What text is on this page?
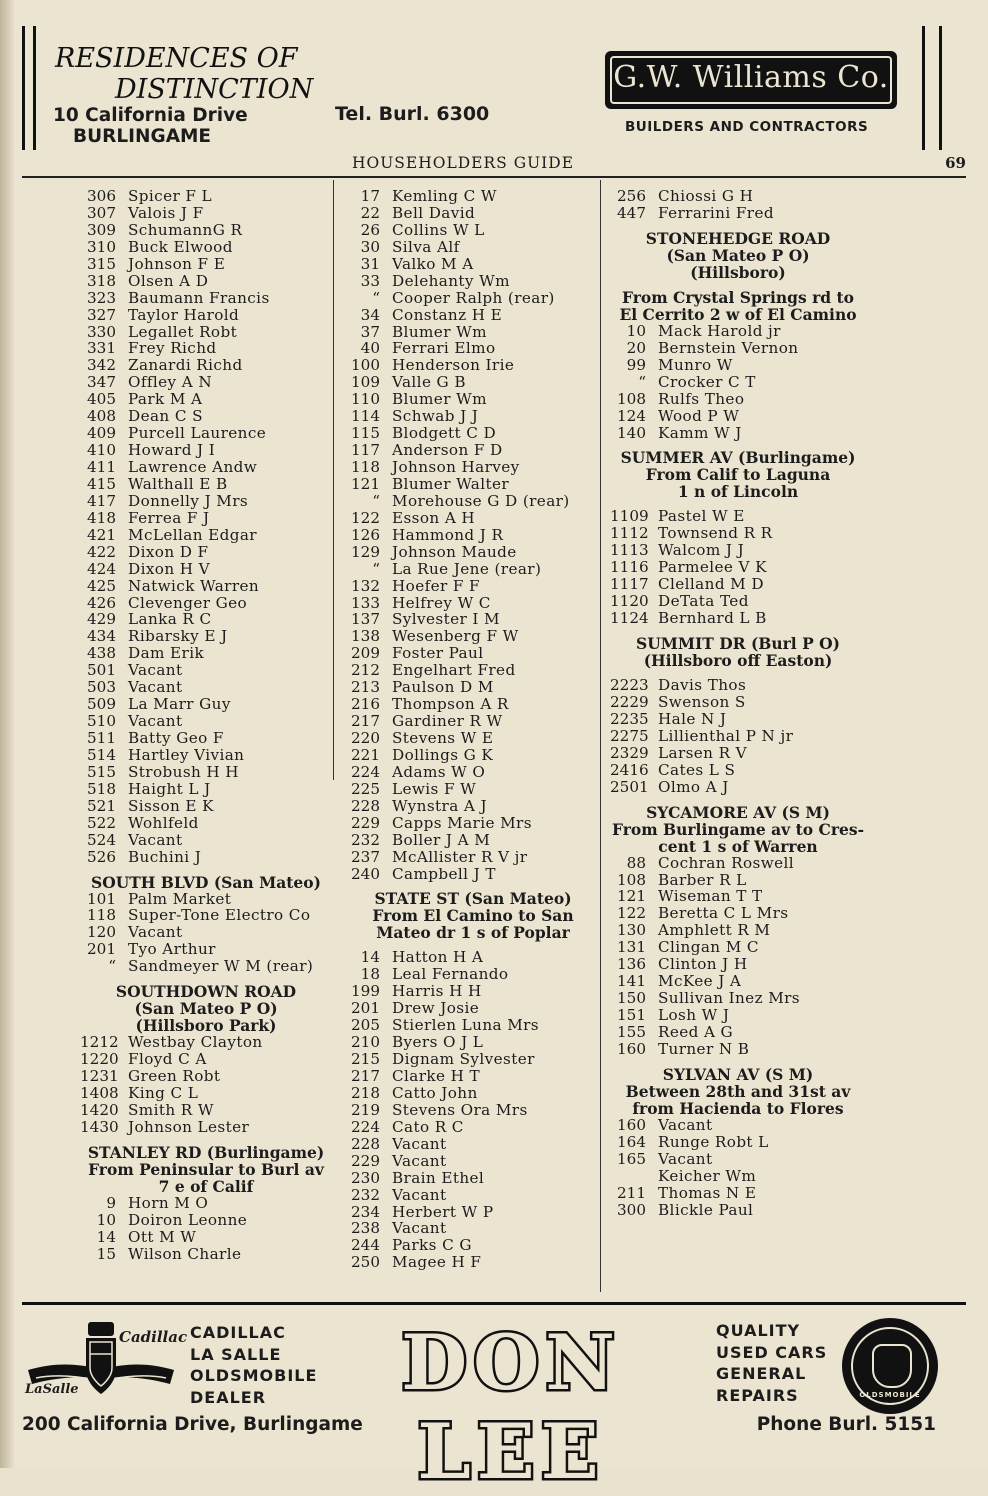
RESIDENCES OF
DISTINCTION
10 California Drive
BURLINGAME
Tel. Burl. 6300
G.W. Williams Co.
BUILDERS AND CONTRACTORS
HOUSEHOLDERS GUIDE	69
306 Spicer F L
307 Valois J F
309 SchumannG R
310 Buck Elwood
315 Johnson F E
318 Olsen A D
323 Baumann Francis
327 Taylor Harold
330 Legallet Robt
331 Frey Richd
342 Zanardi Richd
347 Offley A N
405 Park M A
408 Dean C S
409 Purcell Laurence
410 Howard J I
411 Lawrence Andw
415 Walthall E B
417 Donnelly J Mrs
418 Ferrea F J
421 McLellan Edgar
422 Dixon D F
424 Dixon H V
425 Natwick Warren
426 Clevenger Geo
429 Lanka R C
434 Ribarsky E J
438 Dam Erik
501 Vacant
503 Vacant
509 La Marr Guy
510 Vacant
511 Batty Geo F
514 Hartley Vivian
515 Strobush H H
518 Haight L J
521 Sisson E K
522 Wohlfeld
524 Vacant
526 Buchini J
SOUTH BLVD (San Mateo)
101 Palm Market
118 Super-Tone Electro Co
120 Vacant
201 Tyo Arthur
“ Sandmeyer W M (rear)
SOUTHDOWN ROAD
(San Mateo P O)
(Hillsboro Park)
1212 Westbay Clayton
1220 Floyd C A
1231 Green Robt
1408 King C L
1420 Smith R W
1430 Johnson Lester
STANLEY RD (Burlingame)
From Peninsular to Burl av
7 e of Calif
9 Horn M O
10 Doiron Leonne
14 Ott M W
15 Wilson Charle
17 Kemling C W
22 Bell David
26 Collins W L
30 Silva Alf
31 Valko M A
33 Delehanty Wm
“ Cooper Ralph (rear)
34 Constanz H E
37 Blumer Wm
40 Ferrari Elmo
100 Henderson Irie
109 Valle G B
110 Blumer Wm
114 Schwab J J
115 Blodgett C D
117 Anderson F D
118 Johnson Harvey
121 Blumer Walter
“ Morehouse G D (rear)
122 Esson A H
126 Hammond J R
129 Johnson Maude
“ La Rue Jene (rear)
132 Hoefer F F
133 Helfrey W C
137 Sylvester I M
138 Wesenberg F W
209 Foster Paul
212 Engelhart Fred
213 Paulson D M
216 Thompson A R
217 Gardiner R W
220 Stevens W E
221 Dollings G K
224 Adams W O
225 Lewis F W
228 Wynstra A J
229 Capps Marie Mrs
232 Boller J A M
237 McAllister R V jr
240 Campbell J T
STATE ST (San Mateo)
From El Camino to San
Mateo dr 1 s of Poplar
14 Hatton H A
18 Leal Fernando
199 Harris H H
201 Drew Josie
205 Stierlen Luna Mrs
210 Byers O J L
215 Dignam Sylvester
217 Clarke H T
218 Catto John
219 Stevens Ora Mrs
224 Cato R C
228 Vacant
229 Vacant
230 Brain Ethel
232 Vacant
234 Herbert W P
238 Vacant
244 Parks C G
250 Magee H F
256 Chiossi G H
447 Ferrarini Fred
STONEHEDGE ROAD
(San Mateo P O)
(Hillsboro)
From Crystal Springs rd to
El Cerrito 2 w of El Camino
10 Mack Harold jr
20 Bernstein Vernon
99 Munro W
“ Crocker C T
108 Rulfs Theo
124 Wood P W
140 Kamm W J
SUMMER AV (Burlingame)
From Calif to Laguna
1 n of Lincoln
1109 Pastel W E
1112 Townsend R R
1113 Walcom J J
1116 Parmelee V K
1117 Clelland M D
1120 DeTata Ted
1124 Bernhard L B
SUMMIT DR (Burl P O)
(Hillsboro off Easton)
2223 Davis Thos
2229 Swenson S
2235 Hale N J
2275 Lillienthal P N jr
2329 Larsen R V
2416 Cates L S
2501 Olmo A J
SYCAMORE AV (S M)
From Burlingame av to Cres-
cent 1 s of Warren
88 Cochran Roswell
108 Barber R L
121 Wiseman T T
122 Beretta C L Mrs
130 Amphlett R M
131 Clingan M C
136 Clinton J H
141 McKee J A
150 Sullivan Inez Mrs
151 Losh W J
155 Reed A G
160 Turner N B
SYLVAN AV (S M)
Between 28th and 31st av
from Hacienda to Flores
160 Vacant
164 Runge Robt L
165 Vacant
Keicher Wm
211 Thomas N E
300 Blickle Paul
Cadillac
LaSalle
CADILLAC
LA SALLE
OLDSMOBILE
DEALER	DON LEE
QUALITY
USED CARS
GENERAL
REPAIRS	OLDSMOBILE
200 California Drive, Burlingame	Phone Burl. 5151
